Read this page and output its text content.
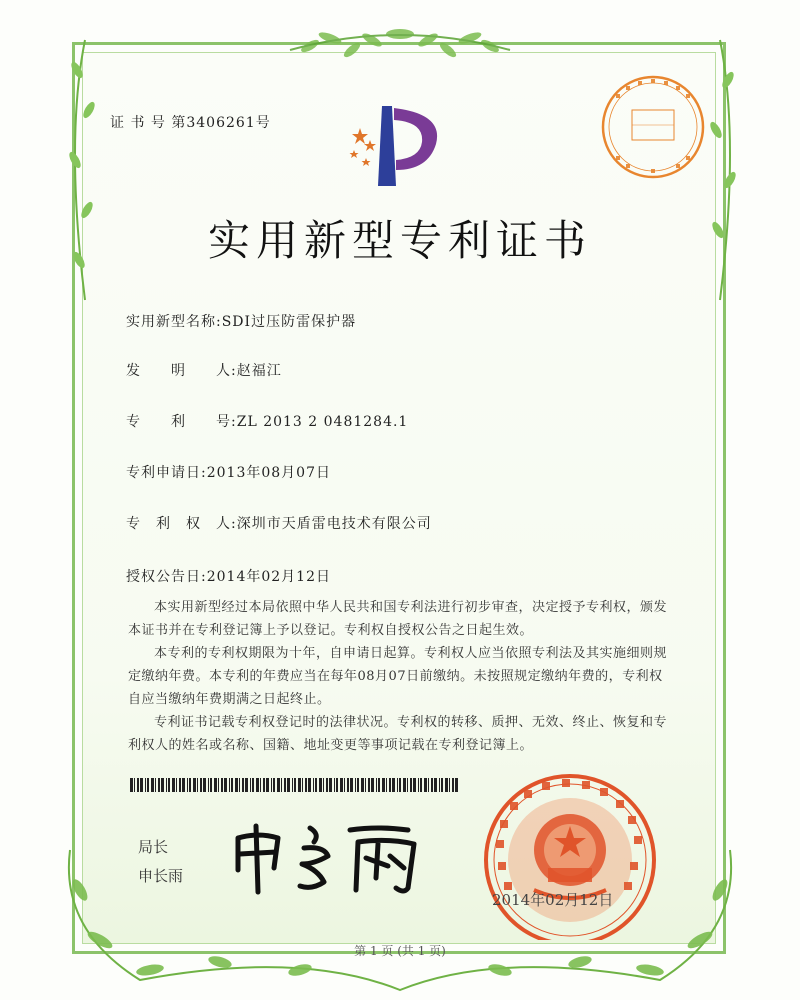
证 书 号 第3406261号
实用新型专利证书
实用新型名称:SDI过压防雷保护器
发　　明　　人:赵福江
专　　利　　号:ZL 2013 2 0481284.1
专利申请日:2013年08月07日
专　利　权　人:深圳市天盾雷电技术有限公司
授权公告日:2014年02月12日

本实用新型经过本局依照中华人民共和国专利法进行初步审查，决定授予专利权，颁发本证书并在专利登记簿上予以登记。专利权自授权公告之日起生效。

本专利的专利权期限为十年，自申请日起算。专利权人应当依照专利法及其实施细则规定缴纳年费。本专利的年费应当在每年08月07日前缴纳。未按照规定缴纳年费的，专利权自应当缴纳年费期满之日起终止。

专利证书记载专利权登记时的法律状况。专利权的转移、质押、无效、终止、恢复和专利权人的姓名或名称、国籍、地址变更等事项记载在专利登记簿上。

局长
申长雨
2014年02月12日
第 1 页 (共 1 页)
